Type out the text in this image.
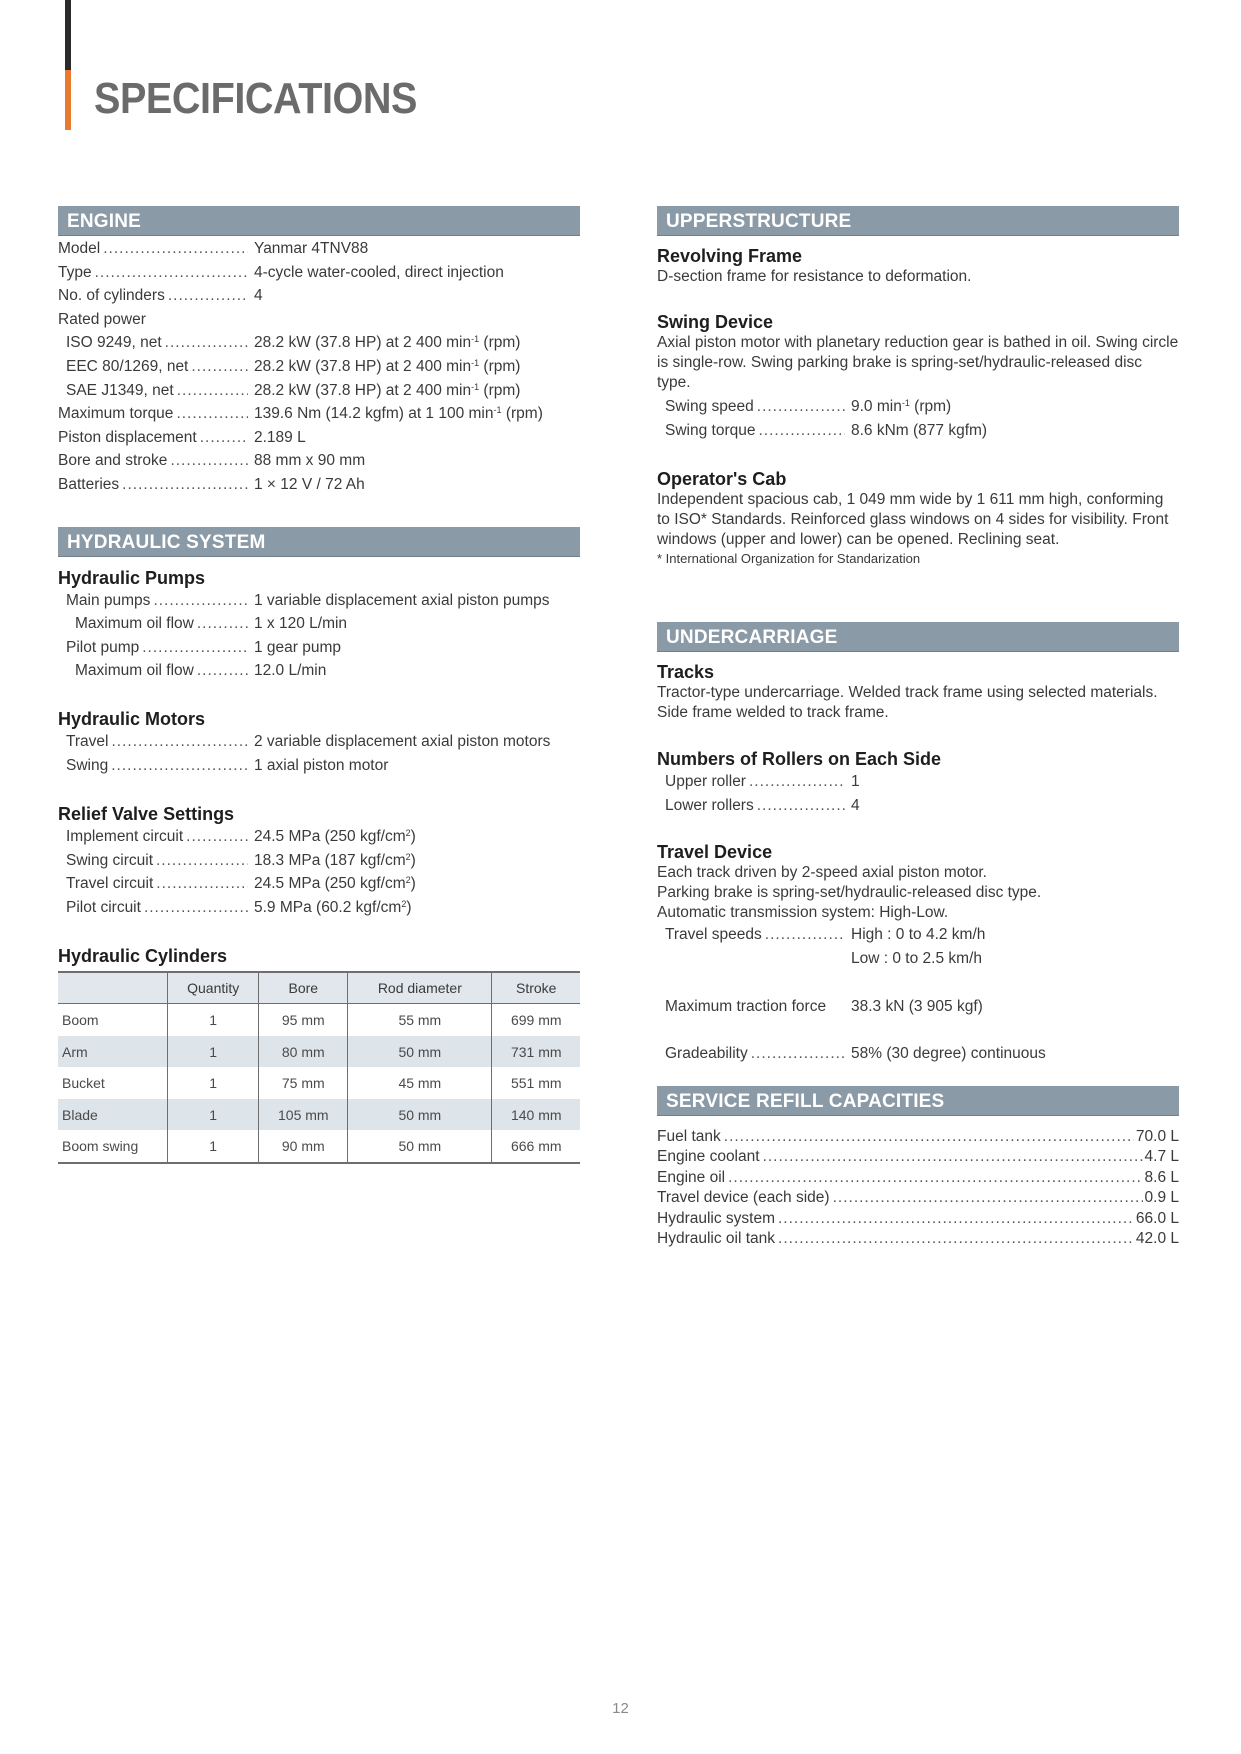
SPECIFICATIONS
ENGINE
Model .....	Yanmar 4TNV88
Type .....	4-cycle water-cooled, direct injection
No. of cylinders .....	4
Rated power
ISO 9249, net .....	28.2 kW (37.8 HP) at 2 400 $\min^{-1} (rpm)$
EEC 80/1269, net .....	28.2 kW (37.8 HP) at 2 400 $\min^{-1} (rpm)$
SAE J1349, net .....	28.2 kW (37.8 HP) at 2 400 $\min^{-1} (rpm)$
Maximum torque .....	139.6 Nm (14.2 kgfm) at 1 100 $\min^{-1} (rpm)$
Piston displacement .....	2.189 L
Bore and stroke .....	88 mm x 90 mm
Batteries .....	1 × 12 V / 72 Ah
HYDRAULIC SYSTEM
Hydraulic Pumps
Main pumps .....	1 variable displacement axial piston pumps
Maximum oil flow .....	1 x 120 L/min
Pilot pump .....	1 gear pump
Maximum oil flow .....	12.0 L/min
Hydraulic Motors
Travel .....	2 variable displacement axial piston motors
Swing .....	1 axial piston motor
Relief Valve Settings
Implement circuit .....	24.5 MPa (250 kgf/$cm^2$)
Swing circuit .....	18.3 MPa (187 kgf/$cm^2$)
Travel circuit .....	24.5 MPa (250 kgf/$cm^2$)
Pilot circuit .....	5.9 MPa (60.2 kgf/$cm^2$)
Hydraulic Cylinders
	Quantity	Bore	Rod diameter	Stroke
Boom	1	95 mm	55 mm	699 mm
Arm	1	80 mm	50 mm	731 mm
Bucket	1	75 mm	45 mm	551 mm
Blade	1	105 mm	50 mm	140 mm
Boom swing	1	90 mm	50 mm	666 mm
UPPERSTRUCTURE
Revolving Frame

D-section frame for resistance to deformation.

Swing Device

Axial piston motor with planetary reduction gear is bathed in oil. Swing circle is single-row. Swing parking brake is spring-set/hydraulic-released disc type.

Swing speed .....	9.0 $\min^{-1} (rpm)$
Swing torque .....	8.6 kNm (877 kgfm)
Operator's Cab

Independent spacious cab, 1 049 mm wide by 1 611 mm high, conforming to ISO* Standards. Reinforced glass windows on 4 sides for visibility. Front windows (upper and lower) can be opened. Reclining seat.

* International Organization for Standarization

UNDERCARRIAGE
Tracks

Tractor-type undercarriage. Welded track frame using selected materials. Side frame welded to track frame.

Numbers of Rollers on Each Side
Upper roller .....	1
Lower rollers .....	4
Travel Device

Each track driven by 2-speed axial piston motor.

Parking brake is spring-set/hydraulic-released disc type.

Automatic transmission system: High-Low.

Travel speeds .....	High : 0 to 4.2 km/h
Low : 0 to 2.5 km/h
Maximum traction force	38.3 kN (3 905 kgf)
Gradeability .....	58% (30 degree) continuous
SERVICE REFILL CAPACITIES
Fuel tank .....	70.0 L
Engine coolant .....	4.7 L
Engine oil .....	8.6 L
Travel device (each side) .....	0.9 L
Hydraulic system .....	66.0 L
Hydraulic oil tank .....	42.0 L
12
